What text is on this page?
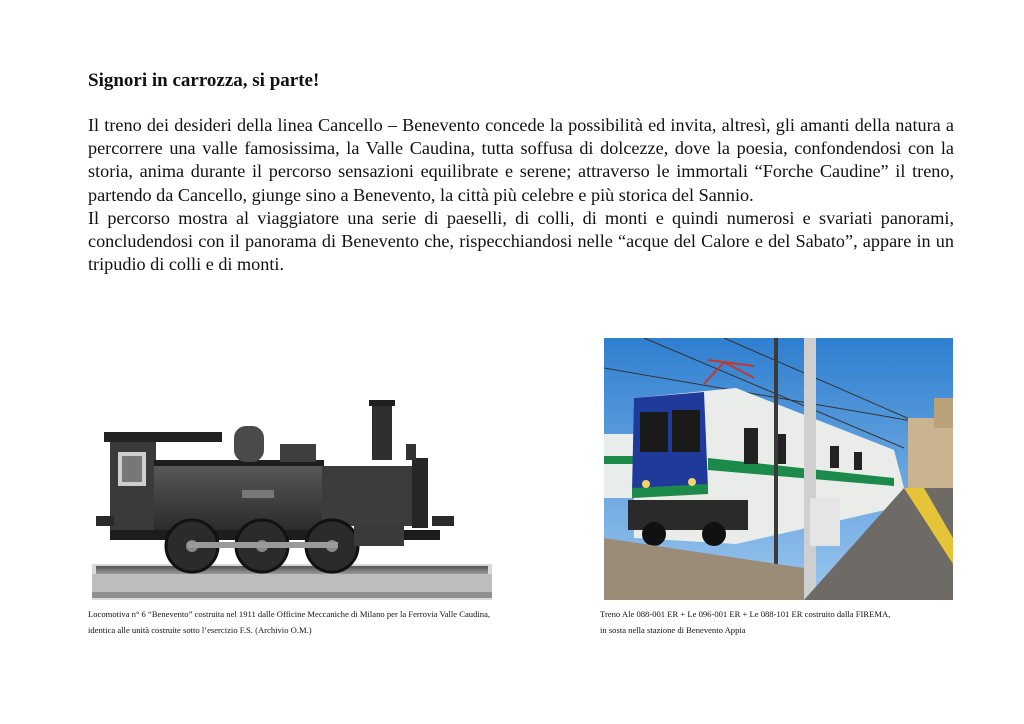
Signori in carrozza, si parte!

Il treno dei desideri della linea Cancello – Benevento concede la possibilità ed invita, altresì, gli amanti della natura a percorrere una valle famosissima, la Valle Caudina, tutta soffusa di dolcezze, dove la poesia, confondendosi con la storia, anima durante il percorso sensazioni equilibrate e serene; attraverso le immortali “Forche Caudine” il treno, partendo da Cancello, giunge sino a Benevento, la città più celebre e più storica del Sannio.

Il percorso mostra al viaggiatore una serie di paeselli, di colli, di monti e quindi numerosi e svariati panorami, concludendosi con il panorama di Benevento che, rispecchiandosi nelle “acque del Calore e del Sabato”, appare in un tripudio di colli e di monti.

Locomotiva n° 6 “Benevento” costruita nel 1911 dalle Officine Meccaniche di Milano per la Ferrovia Valle Caudina,
identica alle unità costruite sotto l’esercizio F.S. (Archivio O.M.)
Treno Ale 088-001 ER + Le 096-001 ER + Le 088-101 ER costruito dalla FIREMA,
in sosta nella stazione di Benevento Appia
